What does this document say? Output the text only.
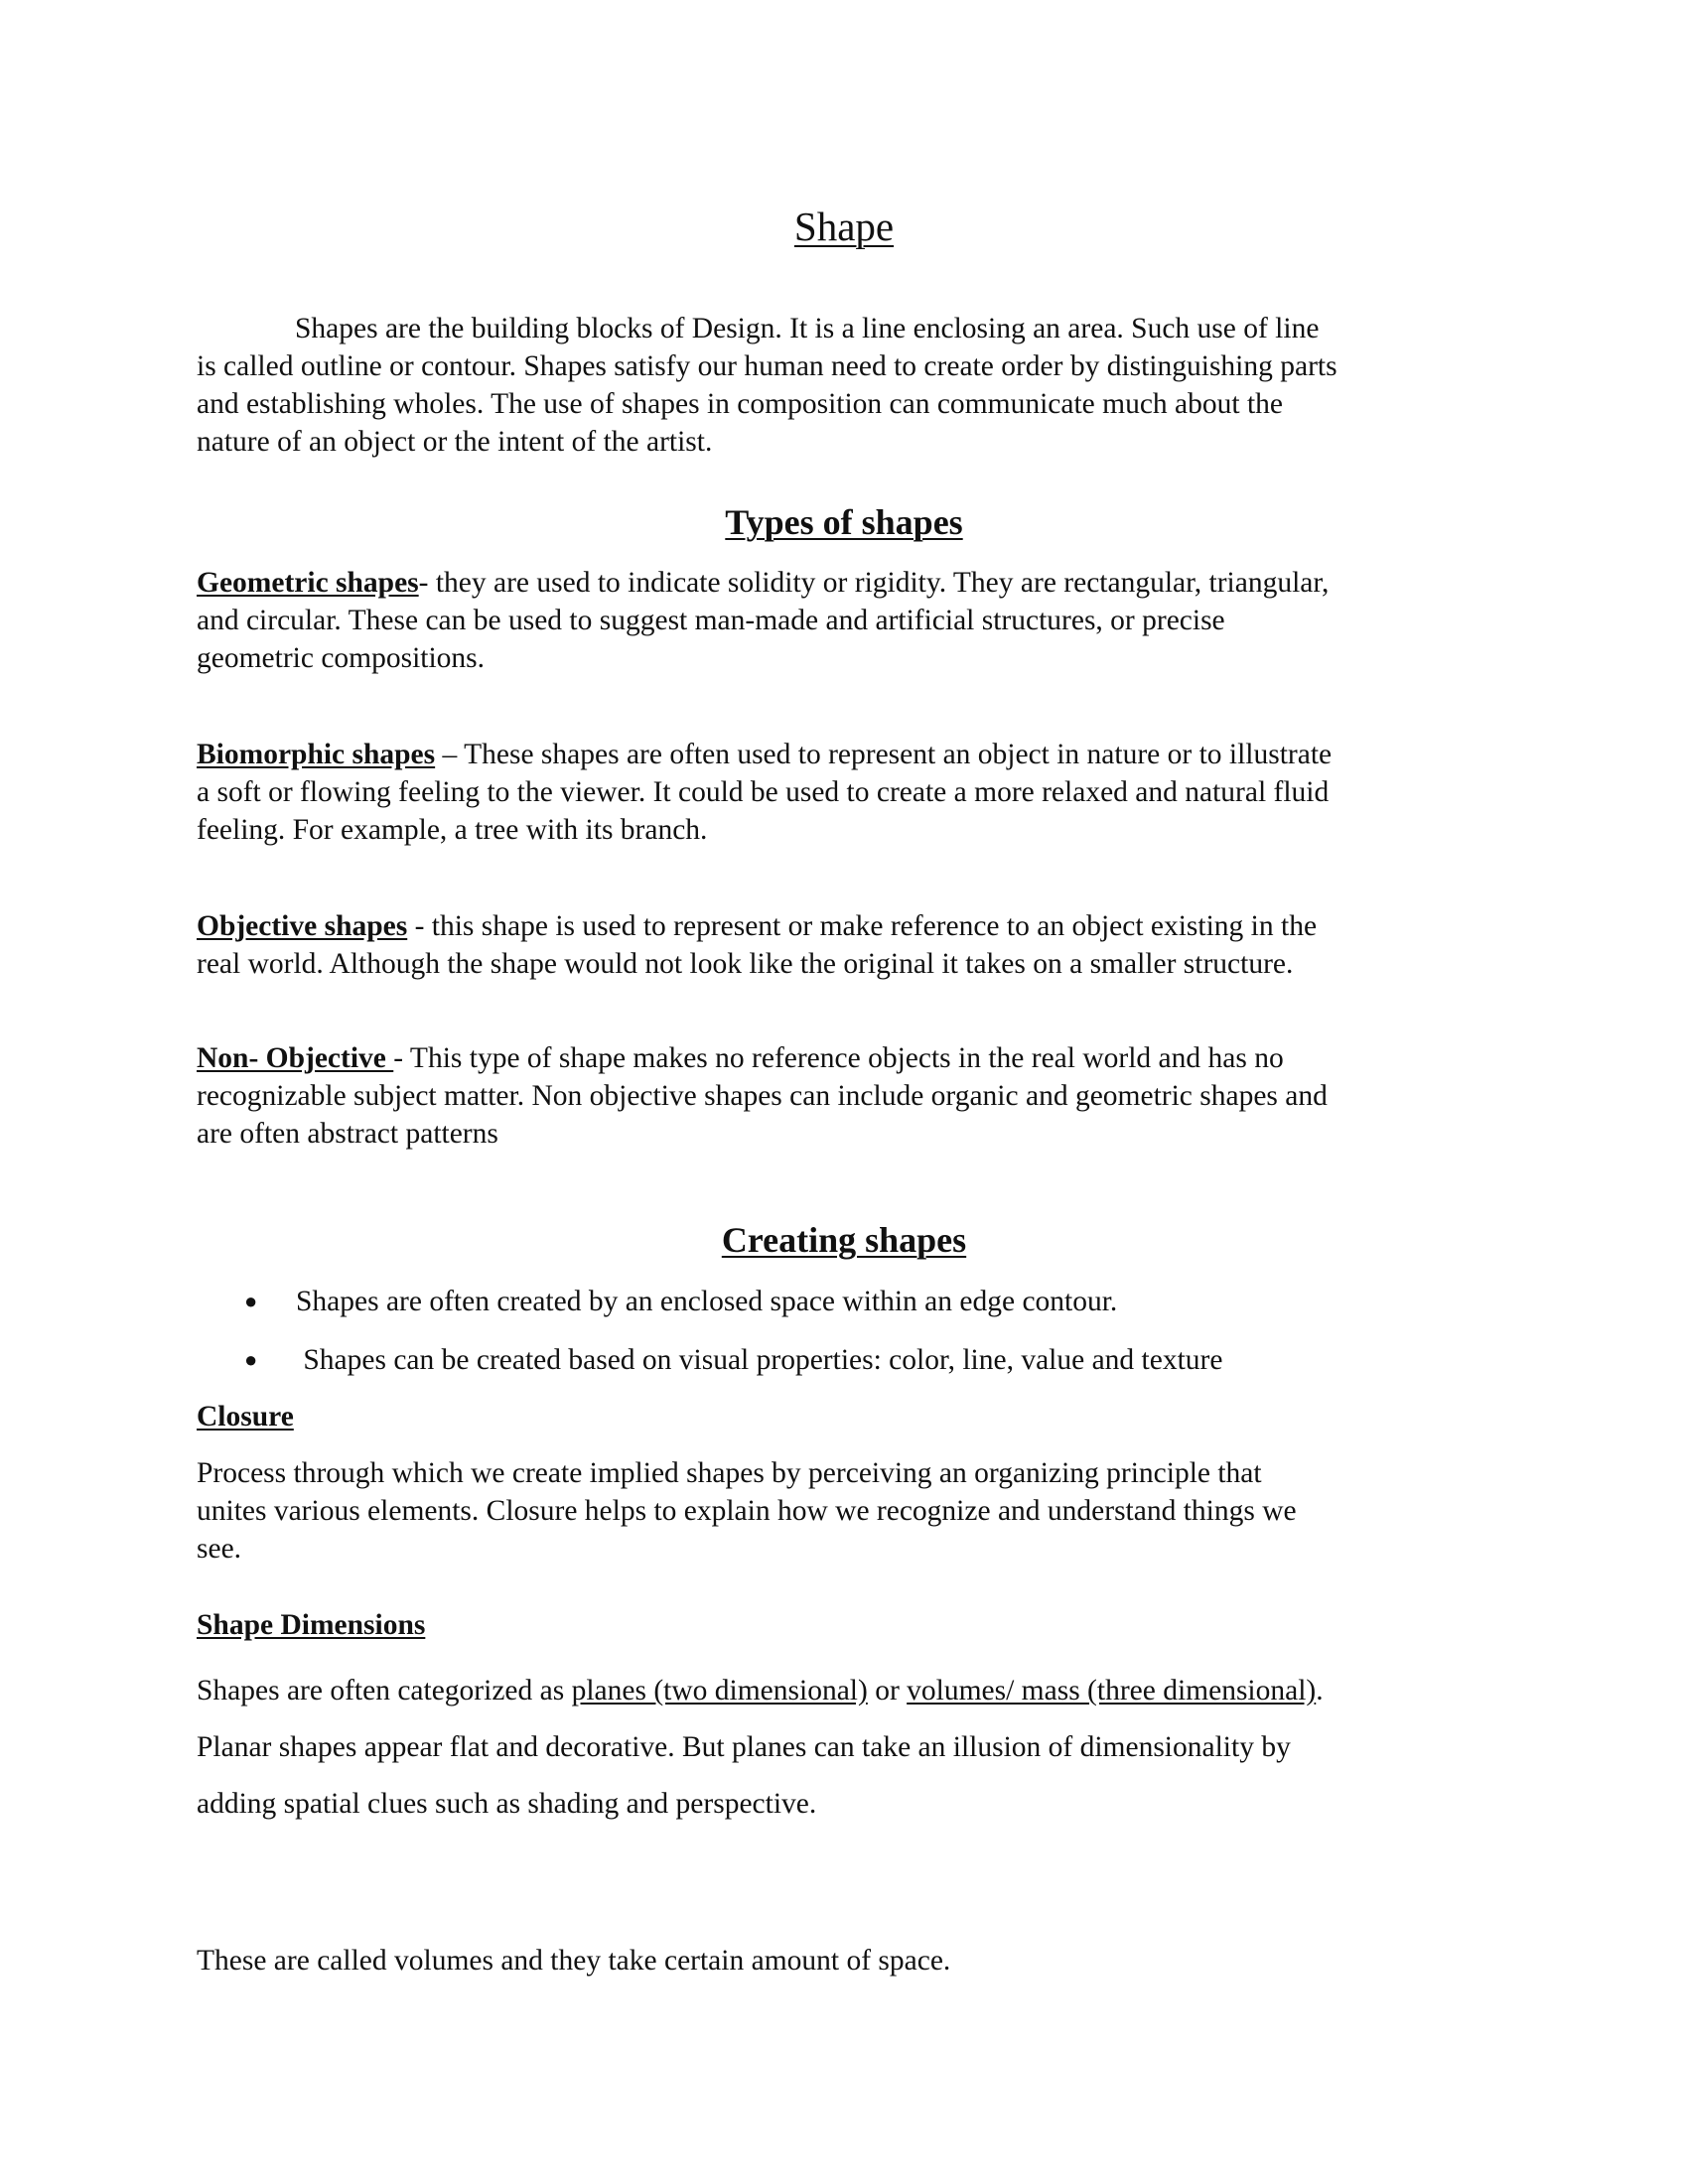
Shape
Shapes are the building blocks of Design. It is a line enclosing an area. Such use of line
is called outline or contour. Shapes satisfy our human need to create order by distinguishing parts
and establishing wholes. The use of shapes in composition can communicate much about the
nature of an object or the intent of the artist.
Types of shapes
Geometric shapes- they are used to indicate solidity or rigidity. They are rectangular, triangular,
and circular. These can be used to suggest man-made and artificial structures, or precise
geometric compositions.
Biomorphic shapes – These shapes are often used to represent an object in nature or to illustrate
a soft or flowing feeling to the viewer. It could be used to create a more relaxed and natural fluid
feeling. For example, a tree with its branch.
Objective shapes - this shape is used to represent or make reference to an object existing in the
real world. Although the shape would not look like the original it takes on a smaller structure.
Non- Objective - This type of shape makes no reference objects in the real world and has no
recognizable subject matter. Non objective shapes can include organic and geometric shapes and
are often abstract patterns
Creating shapes
● Shapes are often created by an enclosed space within an edge contour.
● Shapes can be created based on visual properties: color, line, value and texture
Closure
Process through which we create implied shapes by perceiving an organizing principle that
unites various elements. Closure helps to explain how we recognize and understand things we
see.
Shape Dimensions
Shapes are often categorized as planes (two dimensional) or volumes/ mass (three dimensional).
Planar shapes appear flat and decorative. But planes can take an illusion of dimensionality by
adding spatial clues such as shading and perspective.
These are called volumes and they take certain amount of space.
